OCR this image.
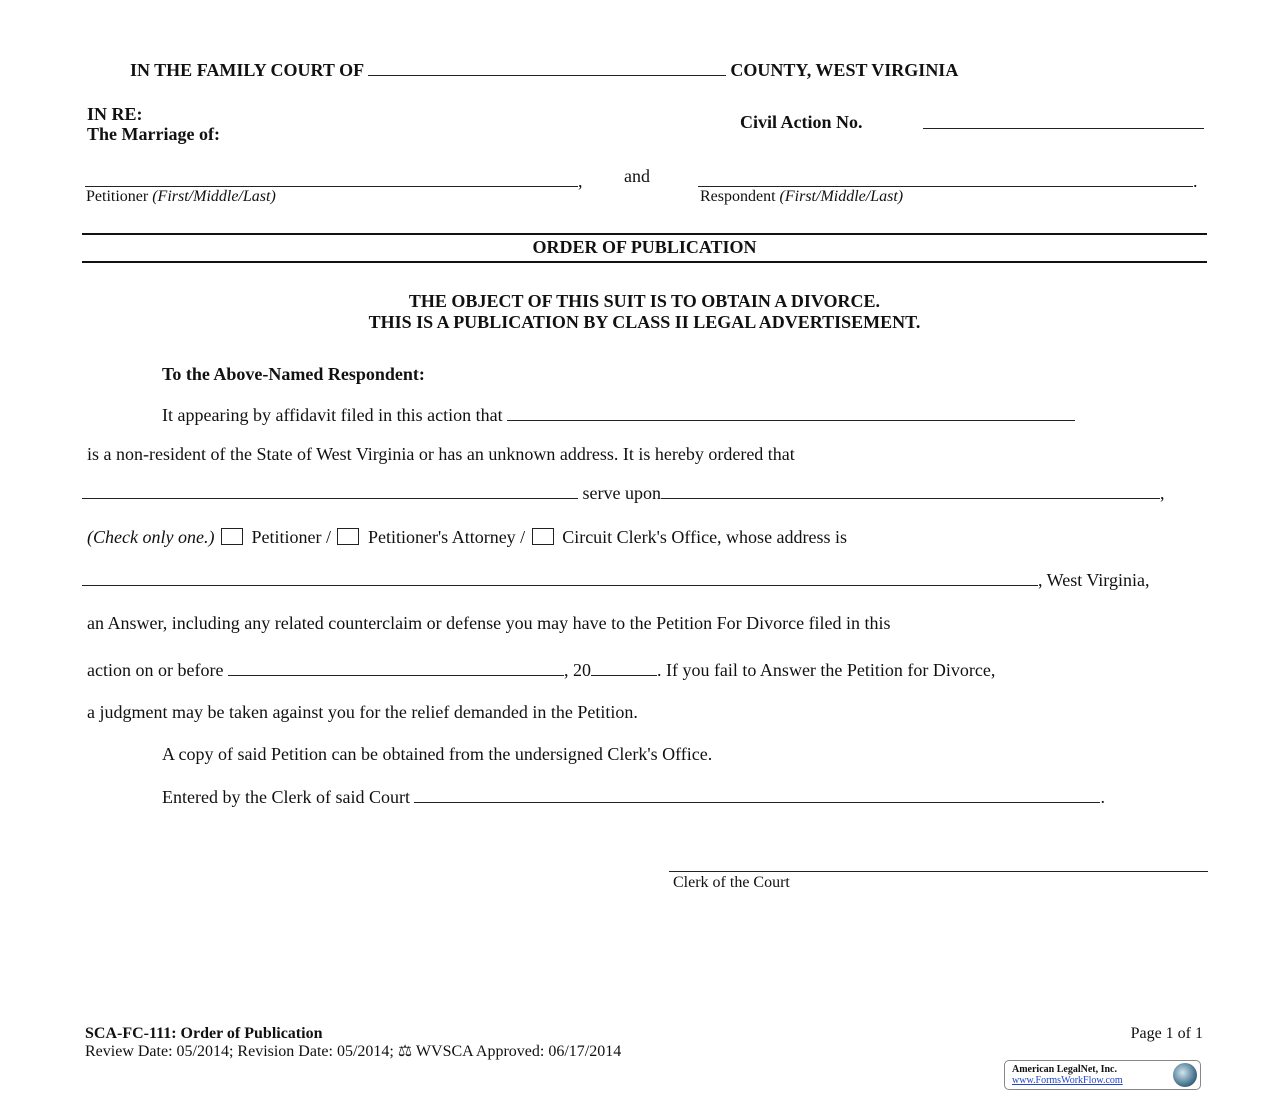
IN THE FAMILY COURT OF	COUNTY, WEST VIRGINIA
IN RE:
The Marriage of:
Civil Action No.
, and	.
Petitioner (First/Middle/Last)	Respondent (First/Middle/Last)
ORDER OF PUBLICATION
THE OBJECT OF THIS SUIT IS TO OBTAIN A DIVORCE.
THIS IS A PUBLICATION BY CLASS II LEGAL ADVERTISEMENT.
To the Above-Named Respondent:
It appearing by affidavit filed in this action that
is a non-resident of the State of West Virginia or has an unknown address. It is hereby ordered that
serve upon	,
(Check only one.) Petitioner / Petitioner's Attorney / Circuit Clerk's Office, whose address is
, West Virginia,
an Answer, including any related counterclaim or defense you may have to the Petition For Divorce filed in this
action on or before	, 20	. If you fail to Answer the Petition for Divorce,
a judgment may be taken against you for the relief demanded in the Petition.
A copy of said Petition can be obtained from the undersigned Clerk's Office.
Entered by the Clerk of said Court	.
Clerk of the Court
SCA-FC-111: Order of Publication	Page 1 of 1
Review Date: 05/2014; Revision Date: 05/2014; ⚖ WVSCA Approved: 06/17/2014
American LegalNet, Inc.
www.FormsWorkFlow.com
